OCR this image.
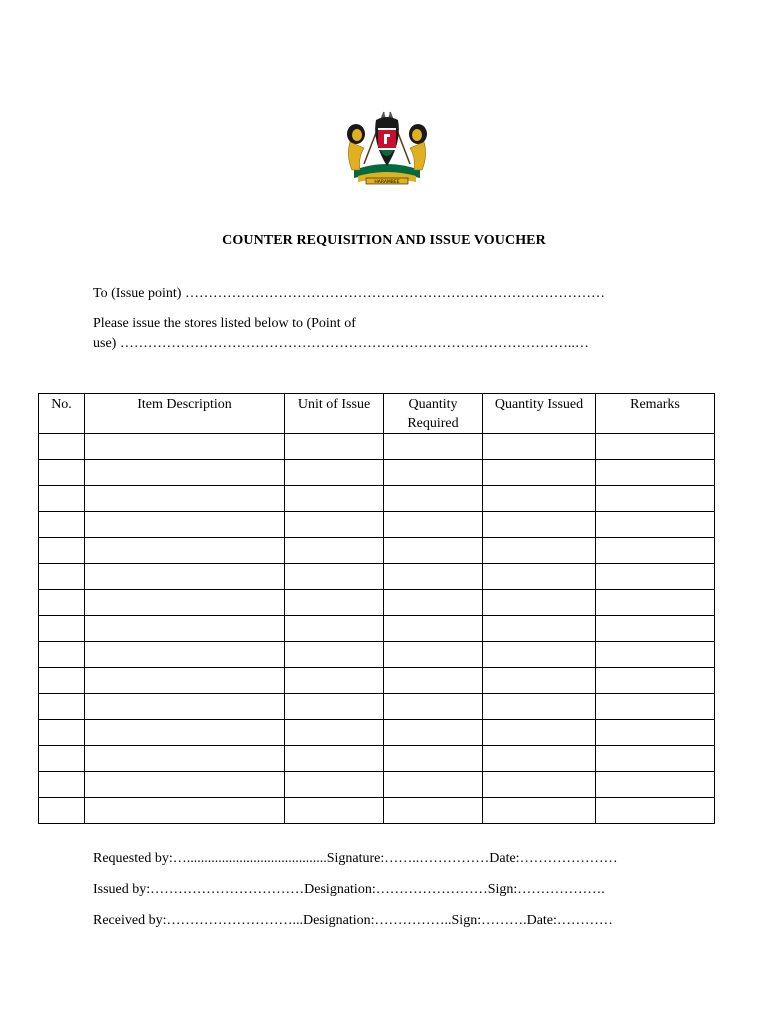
HARAMBEE
COUNTER REQUISITION AND ISSUE VOUCHER
To (Issue point) ………………………………………………………………………………
Please issue the stores listed below to (Point of
use) ……………………………………………………………………………………..…
No.	Item Description	Unit of Issue	Quantity Required	Quantity Issued	Remarks

Requested by:…........................................Signature:……..……………Date:…………………
Issued by:……………………………Designation:……………………Sign:……………….
Received by:………………………...Designation:……………..Sign:……….Date:…………
